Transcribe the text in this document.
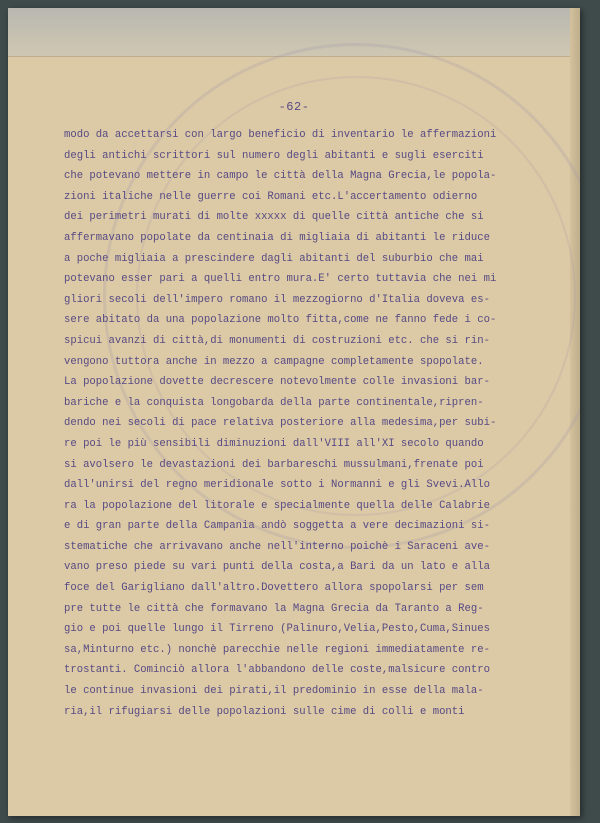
-62-
modo da accettarsi con largo beneficio di inventario le affermazioni
degli antichi scrittori sul numero degli abitanti e sugli eserciti
che potevano mettere in campo le città della Magna Grecia,le popola-
zioni italiche nelle guerre coi Romani etc.L'accertamento odierno
dei perimetri murati di molte xxxxx di quelle città antiche che si
affermavano popolate da centinaia di migliaia di abitanti le riduce
a poche migliaia a prescindere dagli abitanti del suburbio che mai
potevano esser pari a quelli entro mura.E' certo tuttavia che nei mi
gliori secoli dell'impero romano il mezzogiorno d'Italia doveva es-
sere abitato da una popolazione molto fitta,come ne fanno fede i co-
spicui avanzi di città,di monumenti di costruzioni etc. che si rin-
vengono tuttora anche in mezzo a campagne completamente spopolate.
La popolazione dovette decrescere notevolmente colle invasioni bar-
bariche e la conquista longobarda della parte continentale,ripren-
dendo nei secoli di pace relativa posteriore alla medesima,per subi-
re poi le più sensibili diminuzioni dall'VIII all'XI secolo quando
si avolsero le devastazioni dei barbareschi mussulmani,frenate poi
dall'unirsi del regno meridionale sotto i Normanni e gli Svevi.Allo
ra la popolazione del litorale e specialmente quella delle Calabrie
e di gran parte della Campania andò soggetta a vere decimazioni si-
stematiche che arrivavano anche nell'interno poichè i Saraceni ave-
vano preso piede su vari punti della costa,a Bari da un lato e alla
foce del Garigliano dall'altro.Dovettero allora spopolarsi per sem
pre tutte le città che formavano la Magna Grecia da Taranto a Reg-
gio e poi quelle lungo il Tirreno (Palinuro,Velia,Pesto,Cuma,Sinues
sa,Minturno etc.) nonchè parecchie nelle regioni immediatamente re-
trostanti. Cominciò allora l'abbandono delle coste,malsicure contro
le continue invasioni dei pirati,il predominio in esse della mala-
ria,il rifugiarsi delle popolazioni sulle cime di colli e monti
